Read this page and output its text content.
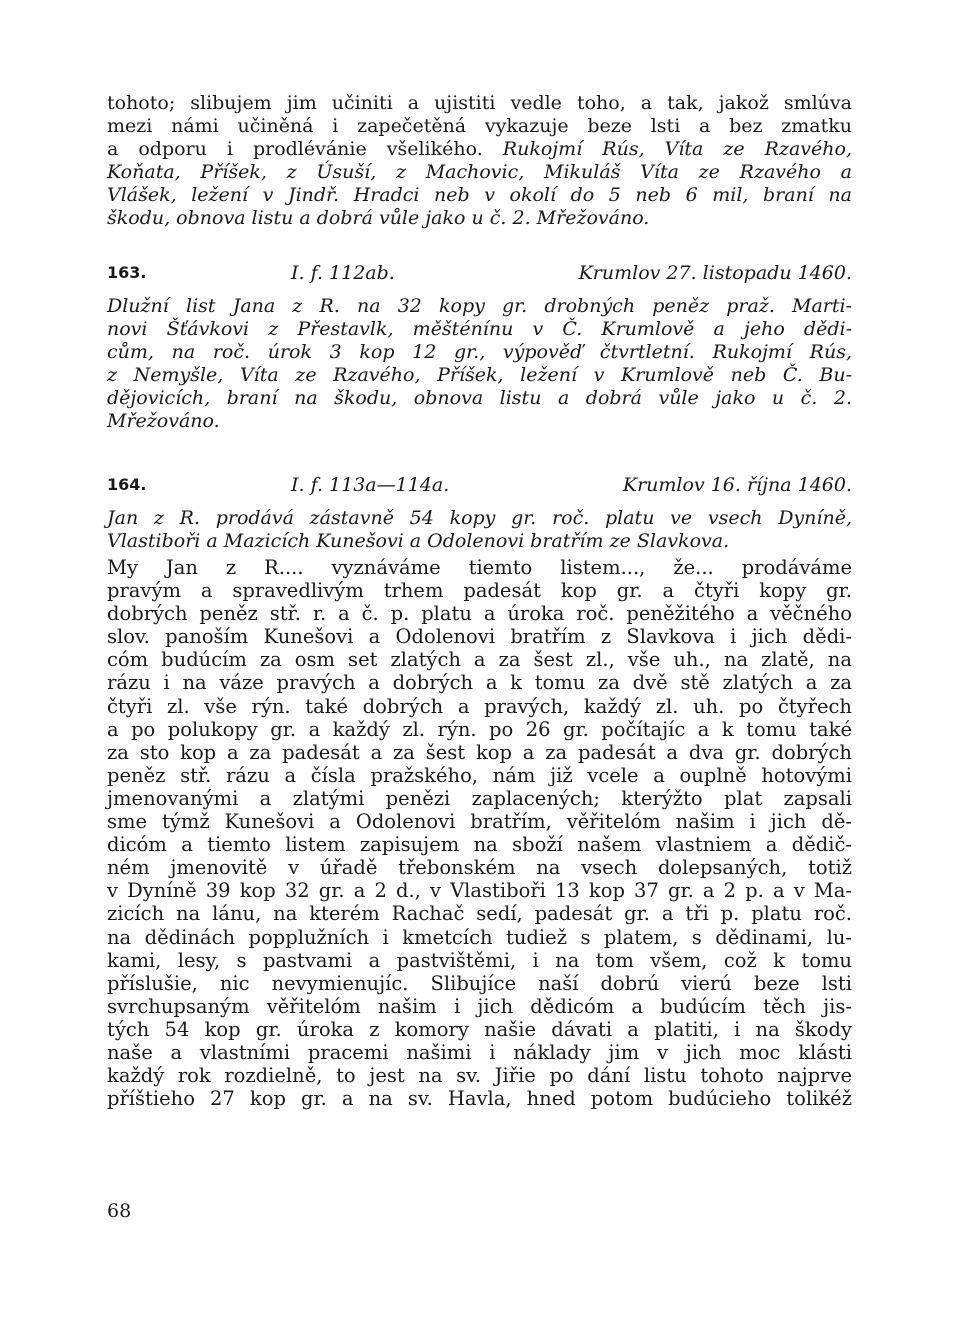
tohoto; slibujem jim učiniti a ujistiti vedle toho, a tak, jakož smlúva
mezi námi učiněná i zapečetěná vykazuje beze lsti a bez zmatku
a odporu i prodlévánie všelikého. Rukojmí Rús, Víta ze Rzavého,
Koňata, Příšek, z Úsuší, z Machovic, Mikuláš Víta ze Rzavého a
Vlášek, ležení v Jindř. Hradci neb v okolí do 5 neb 6 mil, braní na
škodu, obnova listu a dobrá vůle jako u č. 2. Mřežováno.
163.	I. f. 112ab.	Krumlov 27. listopadu 1460.
Dlužní list Jana z R. na 32 kopy gr. drobných peněz praž. Marti-
novi Šťávkovi z Přestavlk, měšténínu v Č. Krumlově a jeho dědi-
cům, na roč. úrok 3 kop 12 gr., výpověď čtvrtletní. Rukojmí Rús,
z Nemyšle, Víta ze Rzavého, Příšek, ležení v Krumlově neb Č. Bu-
dějovicích, braní na škodu, obnova listu a dobrá vůle jako u č. 2.
Mřežováno.
164.	I. f. 113a—114a.	Krumlov 16. října 1460.
Jan z R. prodává zástavně 54 kopy gr. roč. platu ve vsech Dyníně,
Vlastiboři a Mazicích Kunešovi a Odolenovi bratřím ze Slavkova.
My Jan z R.... vyznáváme tiemto listem..., že... prodáváme
pravým a spravedlivým trhem padesát kop gr. a čtyři kopy gr.
dobrých peněz stř. r. a č. p. platu a úroka roč. peněžitého a věčného
slov. panoším Kunešovi a Odolenovi bratřím z Slavkova i jich dědi-
cóm budúcím za osm set zlatých a za šest zl., vše uh., na zlatě, na
rázu i na váze pravých a dobrých a k tomu za dvě stě zlatých a za
čtyři zl. vše rýn. také dobrých a pravých, každý zl. uh. po čtyřech
a po polukopy gr. a každý zl. rýn. po 26 gr. počítajíc a k tomu také
za sto kop a za padesát a za šest kop a za padesát a dva gr. dobrých
peněz stř. rázu a čísla pražského, nám již vcele a ouplně hotovými
jmenovanými a zlatými penězi zaplacených; kterýžto plat zapsali
sme týmž Kunešovi a Odolenovi bratřím, věřitelóm našim i jich dě-
dicóm a tiemto listem zapisujem na sboží našem vlastniem a dědič-
ném jmenovitě v úřadě třebonském na vsech dolepsaných, totiž
v Dyníně 39 kop 32 gr. a 2 d., v Vlastiboři 13 kop 37 gr. a 2 p. a v Ma-
zicích na lánu, na kterém Rachač sedí, padesát gr. a tři p. platu roč.
na dědinách popplužních i kmetcích tudiež s platem, s dědinami, lu-
kami, lesy, s pastvami a pastvištěmi, i na tom všem, což k tomu
příslušie, nic nevymienujíc. Slibujíce naší dobrú vierú beze lsti
svrchupsaným věřitelóm našim i jich dědicóm a budúcím těch jis-
tých 54 kop gr. úroka z komory našie dávati a platiti, i na škody
naše a vlastními pracemi našimi i náklady jim v jich moc klásti
každý rok rozdielně, to jest na sv. Jiřie po dání listu tohoto najprve
příštieho 27 kop gr. a na sv. Havla, hned potom budúcieho tolikéž
68
